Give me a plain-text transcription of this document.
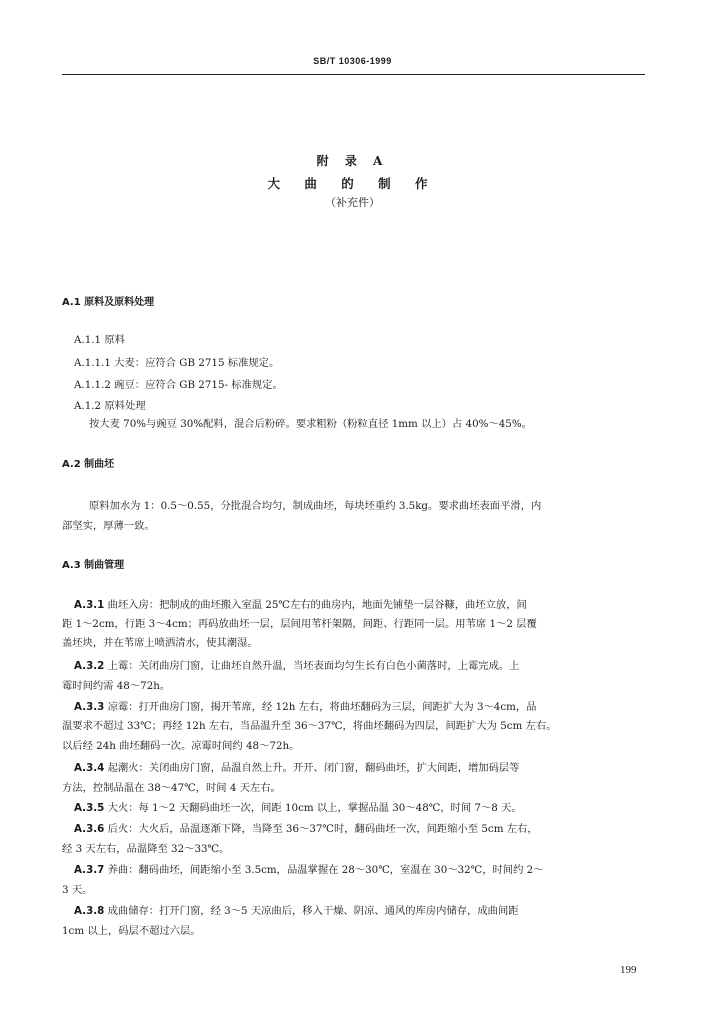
SB/T 10306-1999
附 录 A
大 曲 的 制 作
（补充件）
A.1 原料及原料处理
A.1.1 原料
A.1.1.1 大麦：应符合 GB 2715 标准规定。
A.1.1.2 豌豆：应符合 GB 2715- 标准规定。
A.1.2 原料处理
按大麦 70%与豌豆 30%配料，混合后粉碎。要求粗粉（粉粒直径 1mm 以上）占 40%～45%。
A.2 制曲坯
原料加水为 1：0.5～0.55，分批混合均匀，制成曲坯，每块坯重约 3.5kg。要求曲坯表面平滑，内
部坚实，厚薄一致。
A.3 制曲管理
A.3.1 曲坯入房：把制成的曲坯搬入室温 25℃左右的曲房内，地面先铺垫一层谷糠，曲坯立放，间
距 1～2cm，行距 3～4cm；再码放曲坯一层，层间用苇杆架隔，间距、行距同一层。用苇席 1～2 层覆
盖坯块，并在苇席上喷洒清水，使其潮湿。
A.3.2 上霉：关闭曲房门窗，让曲坯自然升温，当坯表面均匀生长有白色小菌落时，上霉完成。上
霉时间约需 48～72h。
A.3.3 凉霉：打开曲房门窗，揭开苇席，经 12h 左右，将曲坯翻码为三层，间距扩大为 3～4cm，品
温要求不超过 33℃；再经 12h 左右，当品温升至 36～37℃，将曲坯翻码为四层，间距扩大为 5cm 左右。
以后经 24h 曲坯翻码一次。凉霉时间约 48～72h。
A.3.4 起潮火：关闭曲房门窗，品温自然上升。开开、闭门窗，翻码曲坯，扩大间距，增加码层等
方法，控制品温在 38～47℃，时间 4 天左右。
A.3.5 大火：每 1～2 天翻码曲坯一次，间距 10cm 以上，掌握品温 30～48℃，时间 7～8 天。
A.3.6 后火：大火后，品温逐渐下降，当降至 36～37℃时，翻码曲坯一次，间距缩小至 5cm 左右，
经 3 天左右，品温降至 32～33℃。
A.3.7 养曲：翻码曲坯，间距缩小至 3.5cm，品温掌握在 28～30℃，室温在 30～32℃，时间约 2～
3 天。
A.3.8 成曲储存：打开门窗，经 3～5 天凉曲后，移入干燥、阴凉、通风的库房内储存，成曲间距
1cm 以上，码层不超过六层。
199
